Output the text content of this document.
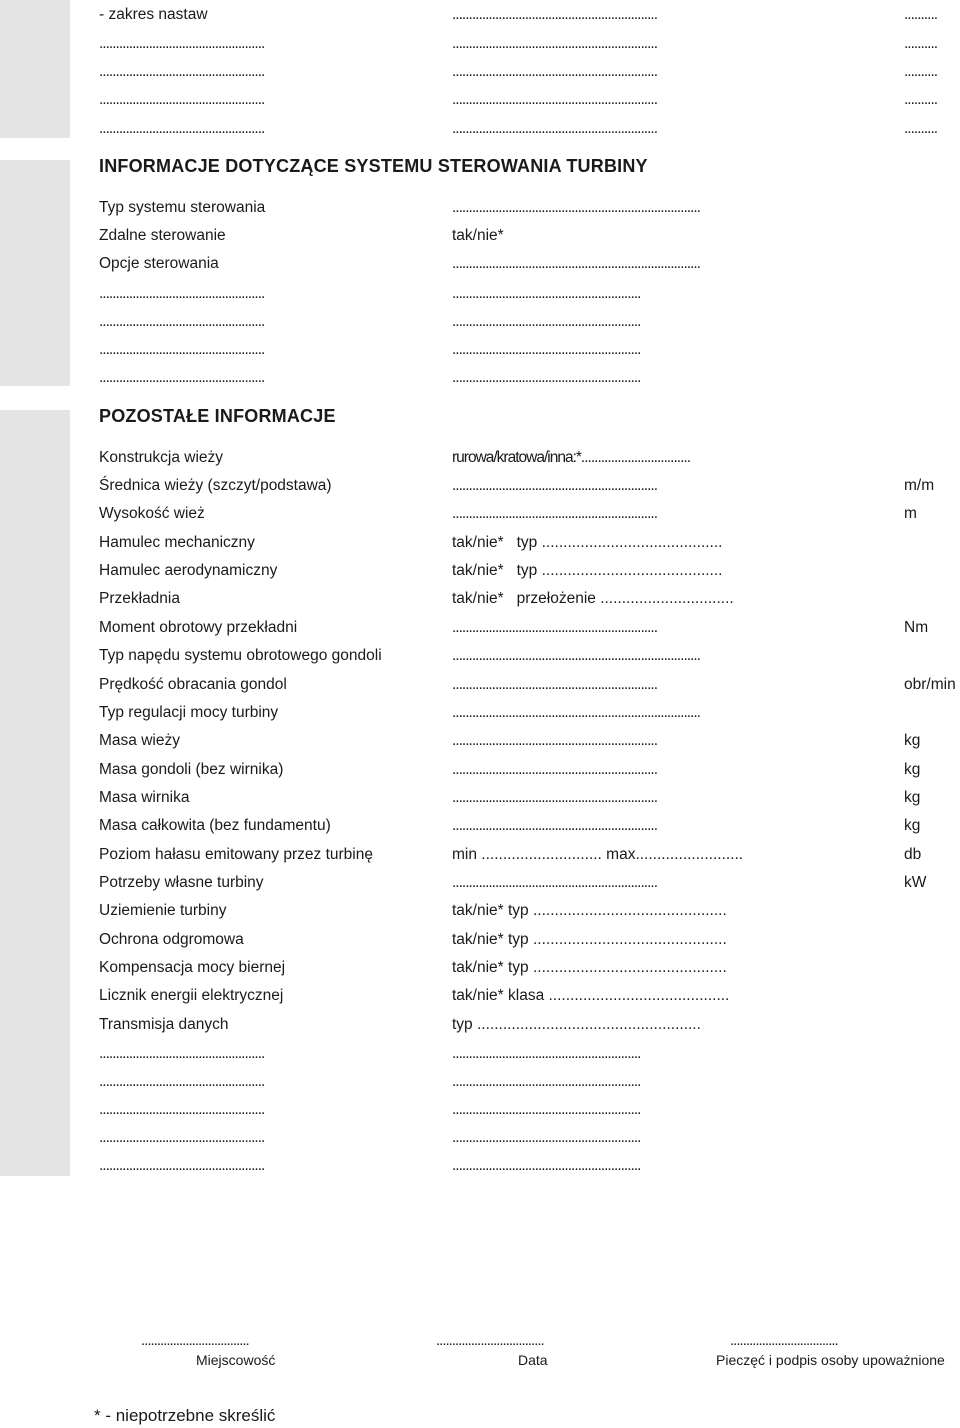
- zakres nastaw	..............................................................	..........
..................................................	..............................................................	..........
..................................................	..............................................................	..........
..................................................	..............................................................	..........
..................................................	..............................................................	..........
INFORMACJE DOTYCZĄCE SYSTEMU STEROWANIA TURBINY
Typ systemu sterowania	...........................................................................
Zdalne sterowanie	tak/nie*
Opcje sterowania	...........................................................................
..................................................	.........................................................
..................................................	.........................................................
..................................................	.........................................................
..................................................	.........................................................
POZOSTAŁE INFORMACJE
Konstrukcja wieży	rurowa/kratowa/inna:*.................................
Średnica wieży (szczyt/podstawa)	..............................................................	m/m
Wysokość wież	..............................................................	m
Hamulec mechaniczny	tak/nie*   typ ..........................................
Hamulec aerodynamiczny	tak/nie*   typ ..........................................
Przekładnia	tak/nie*   przełożenie ...............................
Moment obrotowy przekładni	..............................................................	Nm
Typ napędu systemu obrotowego gondoli	...........................................................................
Prędkość obracania gondol	..............................................................	obr/min
Typ regulacji mocy turbiny	...........................................................................
Masa wieży	..............................................................	kg
Masa gondoli (bez wirnika)	..............................................................	kg
Masa wirnika	..............................................................	kg
Masa całkowita (bez fundamentu)	..............................................................	kg
Poziom hałasu emitowany przez turbinę	min ............................ max.........................	db
Potrzeby własne turbiny	..............................................................	kW
Uziemienie turbiny	tak/nie* typ .............................................
Ochrona odgromowa	tak/nie* typ .............................................
Kompensacja mocy biernej	tak/nie* typ .............................................
Licznik energii elektrycznej	tak/nie* klasa ..........................................
Transmisja danych	typ ....................................................
..................................................	.........................................................
..................................................	.........................................................
..................................................	.........................................................
..................................................	.........................................................
..................................................	.........................................................
..................................	..................................	..................................
Miejscowość	Data	Pieczęć i podpis osoby upoważnione
* - niepotrzebne skreślić
